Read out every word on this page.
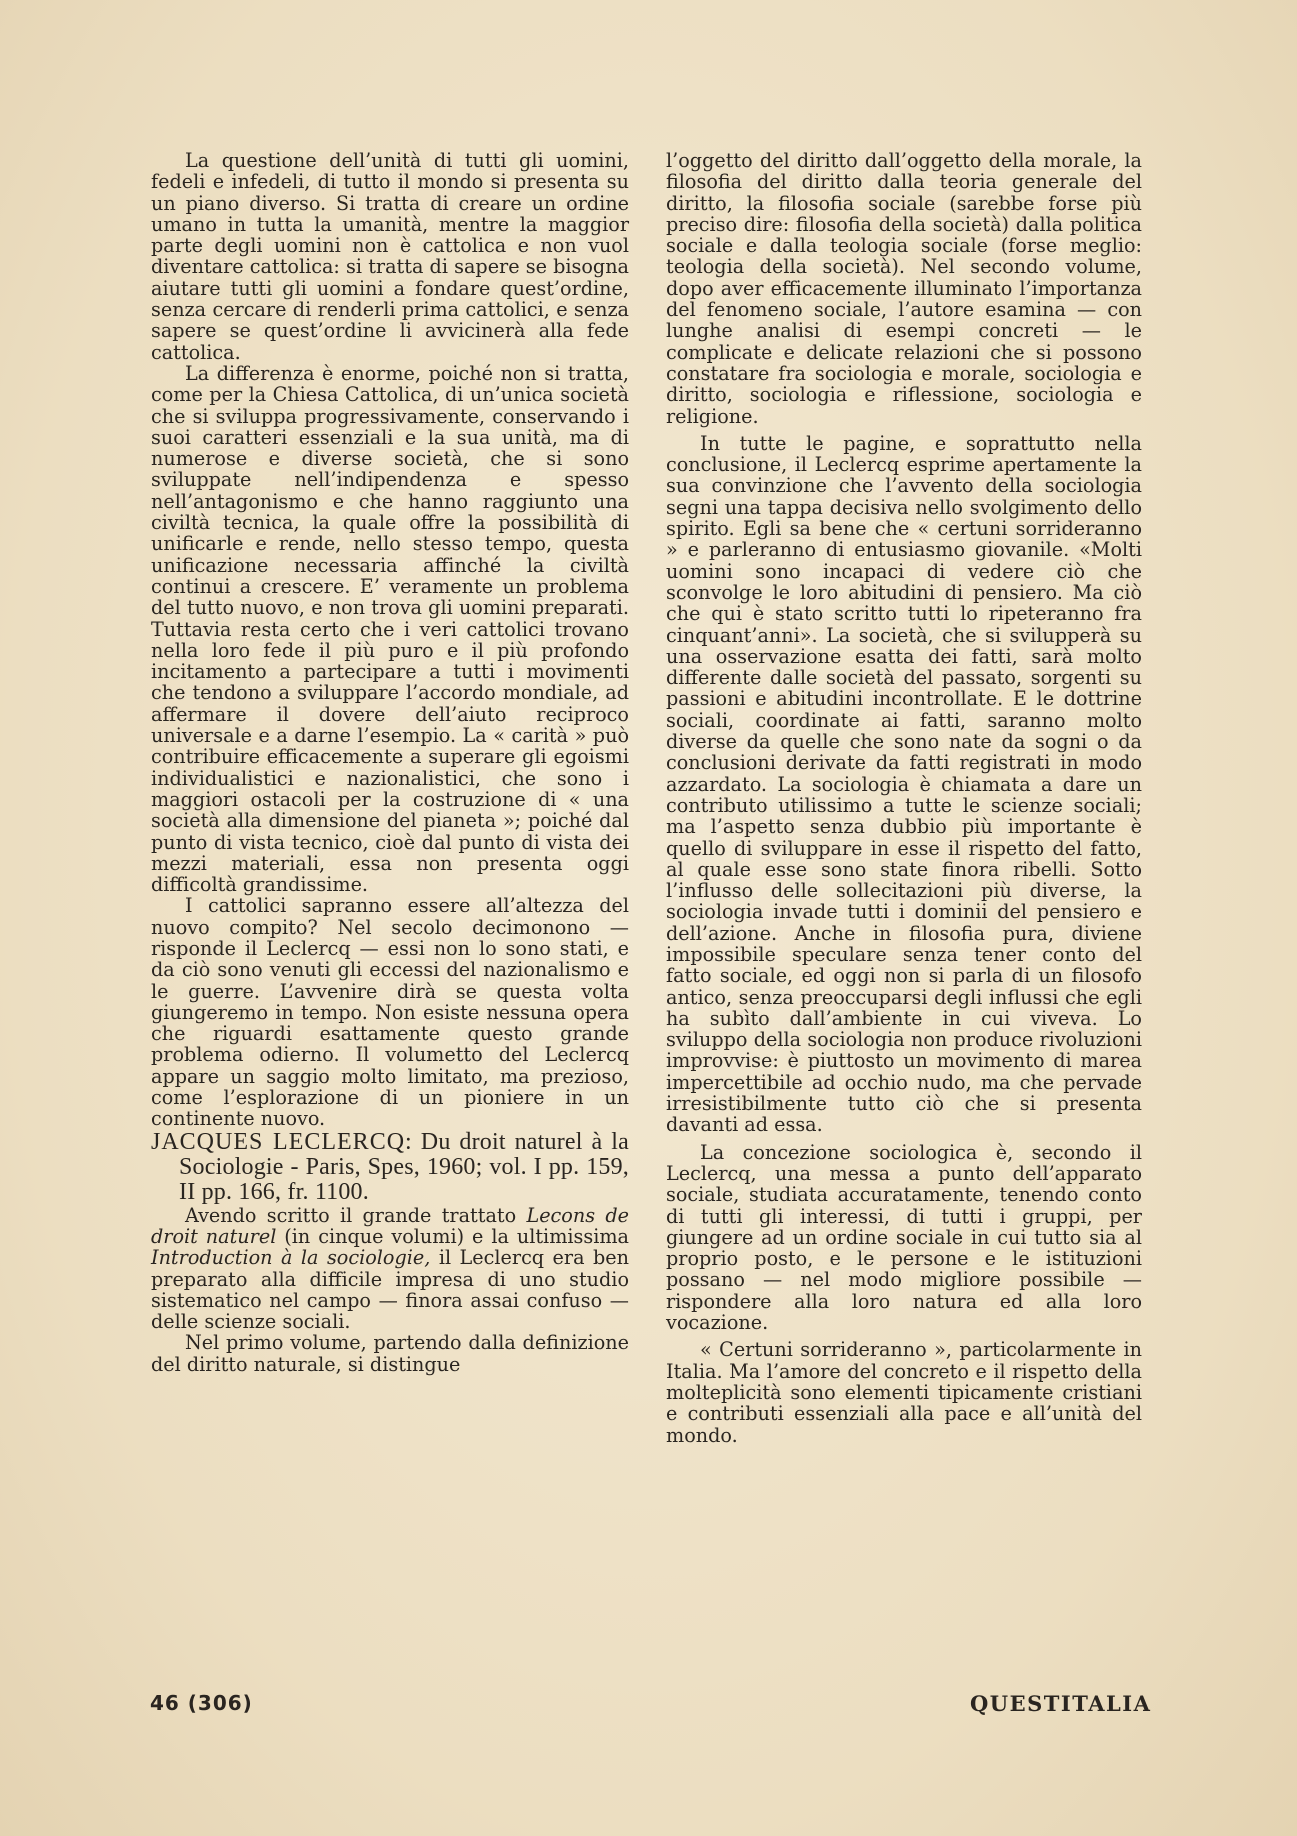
La questione dell’unità di tutti gli uomini, fedeli e infedeli, di tutto il mondo si presenta su un piano diverso. Si tratta di creare un ordine umano in tutta la umanità, mentre la maggior parte degli uomini non è cattolica e non vuol diventare cattolica: si tratta di sapere se bisogna aiutare tutti gli uomini a fondare quest’ordine, senza cercare di renderli prima cattolici, e senza sapere se quest’ordine li avvicinerà alla fede cattolica.

La differenza è enorme, poiché non si tratta, come per la Chiesa Cattolica, di un’unica società che si sviluppa progressivamente, conservando i suoi caratteri essenziali e la sua unità, ma di numerose e diverse società, che si sono sviluppate nell’indipendenza e spesso nell’antagonismo e che hanno raggiunto una civiltà tecnica, la quale offre la possibilità di unificarle e rende, nello stesso tempo, questa unificazione necessaria affinché la civiltà continui a crescere. E’ veramente un problema del tutto nuovo, e non trova gli uomini preparati. Tuttavia resta certo che i veri cattolici trovano nella loro fede il più puro e il più profondo incitamento a partecipare a tutti i movimenti che tendono a sviluppare l’accordo mondiale, ad affermare il dovere dell’aiuto reciproco universale e a darne l’esempio. La « carità » può contribuire efficacemente a superare gli egoismi individualistici e nazionalistici, che sono i maggiori ostacoli per la costruzione di « una società alla dimensione del pianeta »; poiché dal punto di vista tecnico, cioè dal punto di vista dei mezzi materiali, essa non presenta oggi difficoltà grandissime.

I cattolici sapranno essere all’altezza del nuovo compito? Nel secolo decimonono — risponde il Leclercq — essi non lo sono stati, e da ciò sono venuti gli eccessi del nazionalismo e le guerre. L’avvenire dirà se questa volta giungeremo in tempo. Non esiste nessuna opera che riguardi esattamente questo grande problema odierno. Il volumetto del Leclercq appare un saggio molto limitato, ma prezioso, come l’esplorazione di un pioniere in un continente nuovo.

JACQUES LECLERCQ: Du droit naturel à la Sociologie - Paris, Spes, 1960; vol. I pp. 159, II pp. 166, fr. 1100.

Avendo scritto il grande trattato Lecons de droit naturel (in cinque volumi) e la ultimissima Introduction à la sociologie, il Leclercq era ben preparato alla difficile impresa di uno studio sistematico nel campo — finora assai confuso — delle scienze sociali.

Nel primo volume, partendo dalla definizione del diritto naturale, si distingue

l’oggetto del diritto dall’oggetto della morale, la filosofia del diritto dalla teoria generale del diritto, la filosofia sociale (sarebbe forse più preciso dire: filosofia della società) dalla politica sociale e dalla teologia sociale (forse meglio: teologia della società). Nel secondo volume, dopo aver efficacemente illuminato l’importanza del fenomeno sociale, l’autore esamina — con lunghe analisi di esempi concreti — le complicate e delicate relazioni che si possono constatare fra sociologia e morale, sociologia e diritto, sociologia e riflessione, sociologia e religione.

In tutte le pagine, e soprattutto nella conclusione, il Leclercq esprime apertamente la sua convinzione che l’avvento della sociologia segni una tappa decisiva nello svolgimento dello spirito. Egli sa bene che « certuni sorrideranno » e parleranno di entusiasmo giovanile. «Molti uomini sono incapaci di vedere ciò che sconvolge le loro abitudini di pensiero. Ma ciò che qui è stato scritto tutti lo ripeteranno fra cinquant’anni». La società, che si svilupperà su una osservazione esatta dei fatti, sarà molto differente dalle società del passato, sorgenti su passioni e abitudini incontrollate. E le dottrine sociali, coordinate ai fatti, saranno molto diverse da quelle che sono nate da sogni o da conclusioni derivate da fatti registrati in modo azzardato. La sociologia è chiamata a dare un contributo utilissimo a tutte le scienze sociali; ma l’aspetto senza dubbio più importante è quello di sviluppare in esse il rispetto del fatto, al quale esse sono state finora ribelli. Sotto l’influsso delle sollecitazioni più diverse, la sociologia invade tutti i dominii del pensiero e dell’azione. Anche in filosofia pura, diviene impossibile speculare senza tener conto del fatto sociale, ed oggi non si parla di un filosofo antico, senza preoccuparsi degli influssi che egli ha subìto dall’ambiente in cui viveva. Lo sviluppo della sociologia non produce rivoluzioni improvvise: è piuttosto un movimento di marea impercettibile ad occhio nudo, ma che pervade irresistibilmente tutto ciò che si presenta davanti ad essa.

La concezione sociologica è, secondo il Leclercq, una messa a punto dell’apparato sociale, studiata accuratamente, tenendo conto di tutti gli interessi, di tutti i gruppi, per giungere ad un ordine sociale in cui tutto sia al proprio posto, e le persone e le istituzioni possano — nel modo migliore possibile — rispondere alla loro natura ed alla loro vocazione.

« Certuni sorrideranno », particolarmente in Italia. Ma l’amore del concreto e il rispetto della molteplicità sono elementi tipicamente cristiani e contributi essenziali alla pace e all’unità del mondo.

46 (306)	QUESTITALIA
